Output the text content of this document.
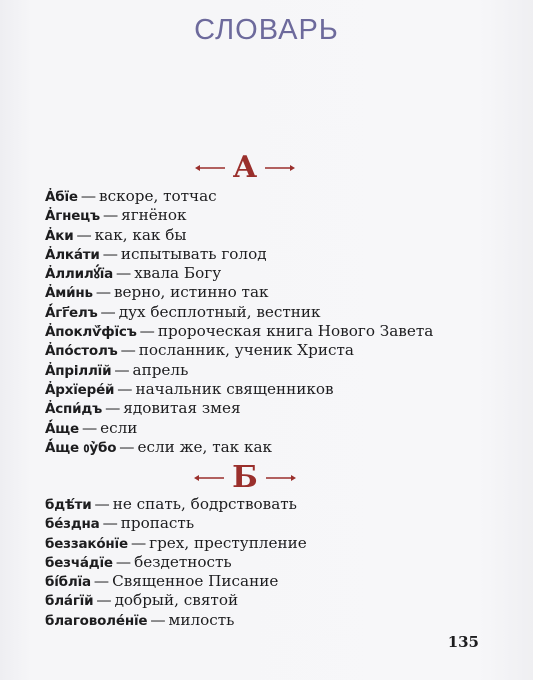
СЛОВАРЬ
А
А҆бїе — вскоре, тотчас
А҆гнецъ — ягнёнок
А҆ки — как, как бы
А҆лка́ти — испытывать голод
А҆ллилꙋ́їа — хвала Богу
А҆ми́нь — верно, истинно так
А҆́гг҃елъ — дух бесплотный, вестник
А҆поклѷ́фїсъ — пророческая книга Нового Завета
А҆по́столъ — посланник, ученик Христа
А҆пріллїй — апрель
А҆рхїере́й — начальник священников
А҆спи́дъ — ядовитая змея
А҆́ще — если
А҆́ще ᲂу҆̀бо — если же, так как
Б
бдѣ́ти — не спать, бодрствовать
бе́здна — пропасть
беззако́нїе — грех, преступление
безча́дїе — бездетность
бі́блїа — Священное Писание
бла́гїй — добрый, святой
благоволе́нїе — милость
135
